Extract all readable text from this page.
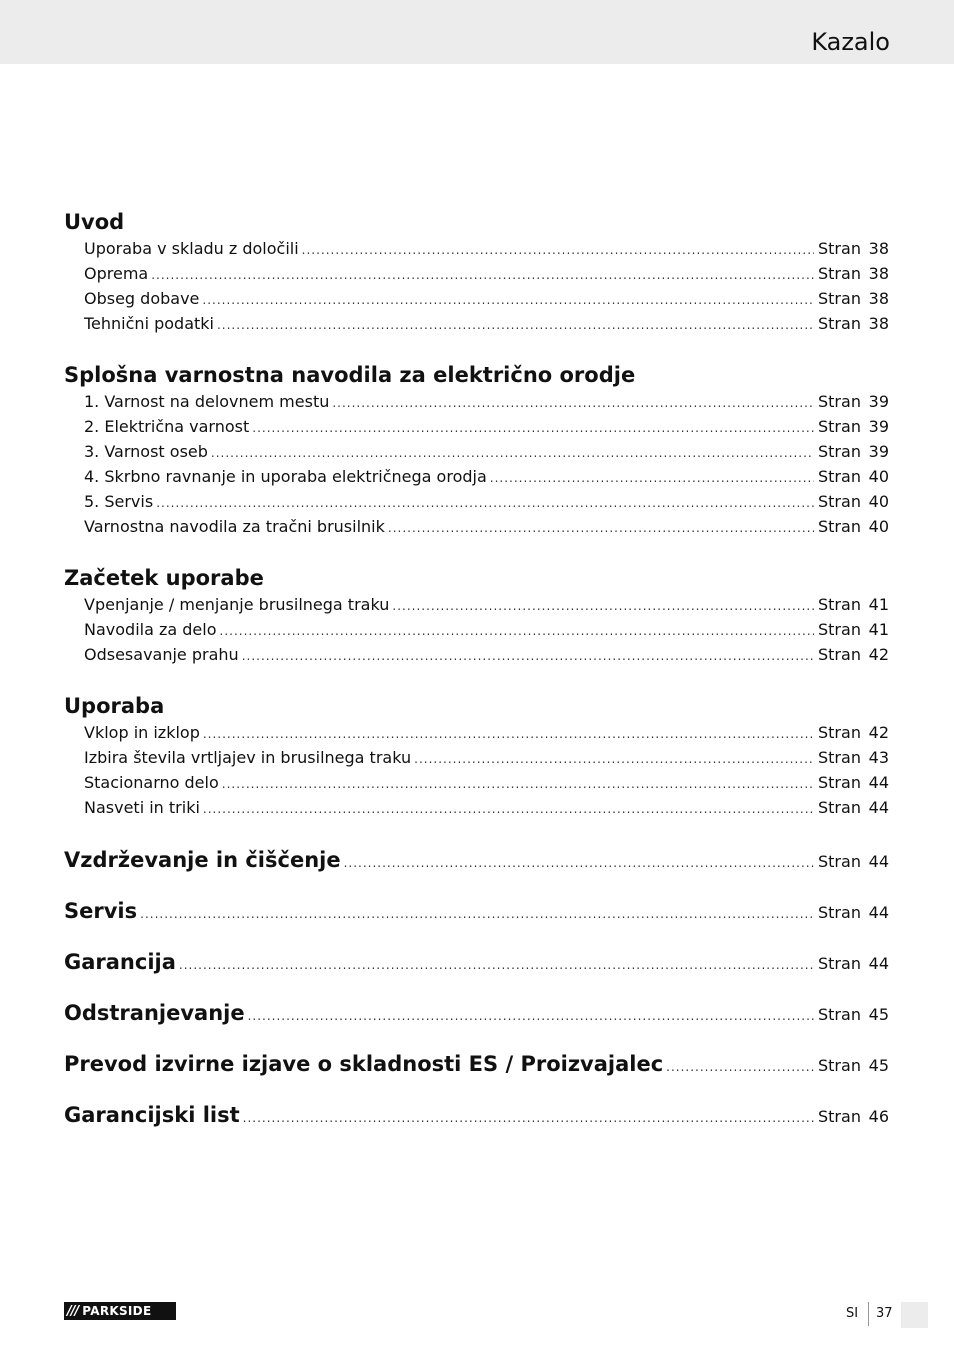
Kazalo
Uvod
Uporaba v skladu z določili .....	Stran 38
Oprema .....	Stran 38
Obseg dobave .....	Stran 38
Tehnični podatki .....	Stran 38
Splošna varnostna navodila za električno orodje
1. Varnost na delovnem mestu .....	Stran 39
2. Električna varnost .....	Stran 39
3. Varnost oseb .....	Stran 39
4. Skrbno ravnanje in uporaba električnega orodja .....	Stran 40
5. Servis .....	Stran 40
Varnostna navodila za tračni brusilnik .....	Stran 40
Začetek uporabe
Vpenjanje / menjanje brusilnega traku .....	Stran 41
Navodila za delo .....	Stran 41
Odsesavanje prahu .....	Stran 42
Uporaba
Vklop in izklop .....	Stran 42
Izbira števila vrtljajev in brusilnega traku .....	Stran 43
Stacionarno delo .....	Stran 44
Nasveti in triki .....	Stran 44
Vzdrževanje in čiščenje .....	Stran 44
Servis .....	Stran 44
Garancija .....	Stran 44
Odstranjevanje .....	Stran 45
Prevod izvirne izjave o skladnosti ES / Proizvajalec .....	Stran 45
Garancijski list .....	Stran 46
/// PARKSIDE	SI 37
